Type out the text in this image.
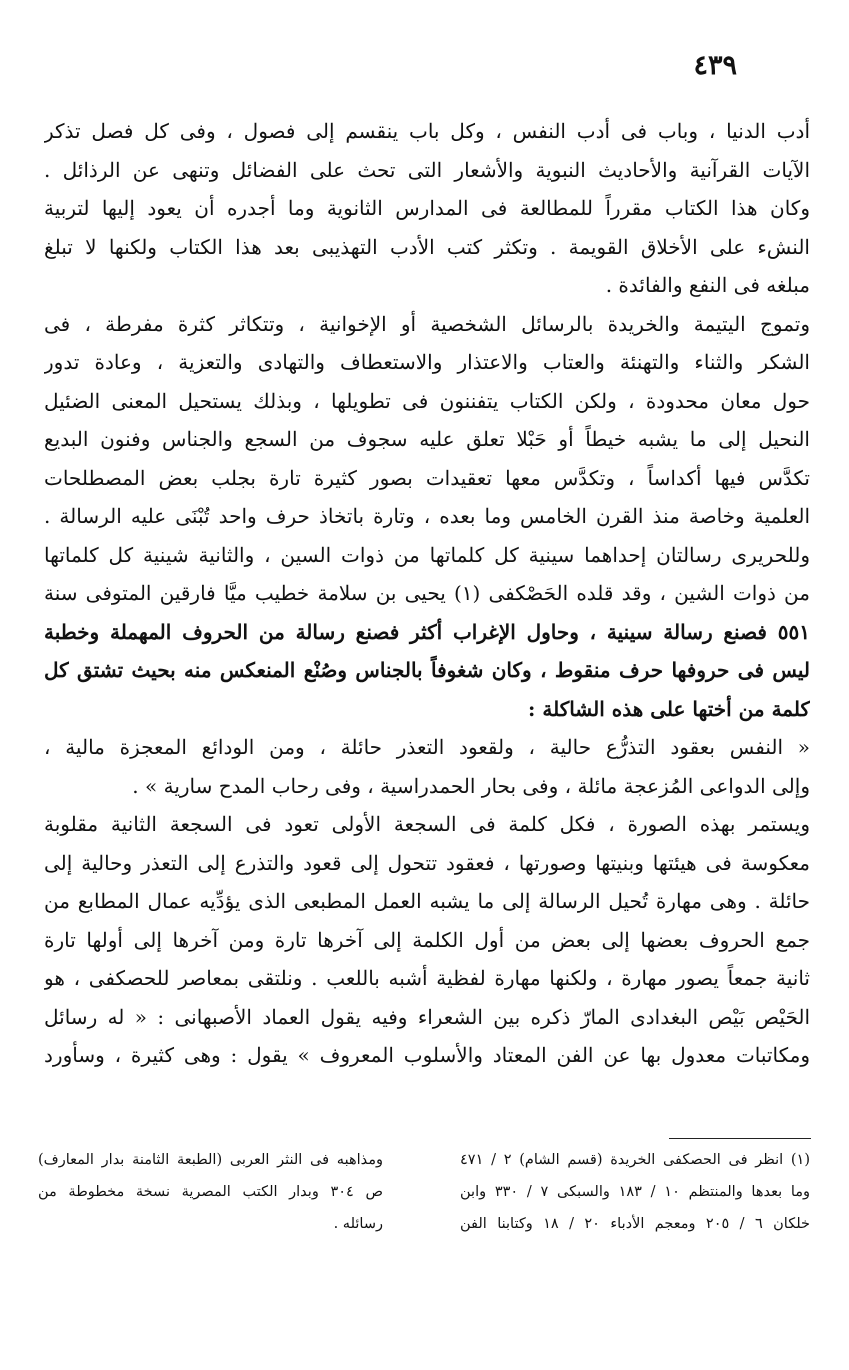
٤٣٩
أدب الدنيا ، وباب فى أدب النفس ، وكل باب ينقسم إلى فصول ، وفى كل فصل تذكر
الآيات القرآنية والأحاديث النبوية والأشعار التى تحث على الفضائل وتنهى عن الرذائل .
وكان هذا الكتاب مقرراً للمطالعة فى المدارس الثانوية وما أجدره أن يعود إليها لتربية
النشء على الأخلاق القويمة . وتكثر كتب الأدب التهذيبى بعد هذا الكتاب ولكنها لا تبلغ
مبلغه فى النفع والفائدة .
وتموج اليتيمة والخريدة بالرسائل الشخصية أو الإخوانية ، وتتكاثر كثرة مفرطة ، فى
الشكر والثناء والتهنئة والعتاب والاعتذار والاستعطاف والتهادى والتعزية ، وعادة تدور
حول معان محدودة ، ولكن الكتاب يتفننون فى تطويلها ، وبذلك يستحيل المعنى الضئيل
النحيل إلى ما يشبه خيطاً أو حَبْلا تعلق عليه سجوف من السجع والجناس وفنون البديع
تكدَّس فيها أكداساً ، وتكدَّس معها تعقيدات بصور كثيرة تارة بجلب بعض المصطلحات
العلمية وخاصة منذ القرن الخامس وما بعده ، وتارة باتخاذ حرف واحد تُبْنَى عليه الرسالة .
وللحريرى رسالتان إحداهما سينية كل كلماتها من ذوات السين ، والثانية شينية كل كلماتها
من ذوات الشين ، وقد قلده الحَصْكفى (١) يحيى بن سلامة خطيب ميَّا فارقين المتوفى سنة
٥٥١ فصنع رسالة سينية ، وحاول الإغراب أكثر فصنع رسالة من الحروف المهملة وخطبة
ليس فى حروفها حرف منقوط ، وكان شغوفاً بالجناس وصُنْع المنعكس منه بحيث تشتق كل
كلمة من أختها على هذه الشاكلة :
« النفس بعقود التذرُّع حالية ، ولقعود التعذر حائلة ، ومن الودائع المعجزة مالية ،
وإلى الدواعى المُزعجة مائلة ، وفى بحار الحمدراسية ، وفى رحاب المدح سارية » .
ويستمر بهذه الصورة ، فكل كلمة فى السجعة الأولى تعود فى السجعة الثانية مقلوبة
معكوسة فى هيئتها وبنيتها وصورتها ، فعقود تتحول إلى قعود والتذرع إلى التعذر وحالية إلى
حائلة . وهى مهارة تُحيل الرسالة إلى ما يشبه العمل المطبعى الذى يؤدِّيه عمال المطابع من
جمع الحروف بعضها إلى بعض من أول الكلمة إلى آخرها تارة ومن آخرها إلى أولها تارة
ثانية جمعاً يصور مهارة ، ولكنها مهارة لفظية أشبه باللعب . ونلتقى بمعاصر للحصكفى ، هو
الحَيْص بَيْص البغدادى المارّ ذكره بين الشعراء وفيه يقول العماد الأصبهانى : « له رسائل
ومكاتبات معدول بها عن الفن المعتاد والأسلوب المعروف » يقول : وهى كثيرة ، وسأورد
(١) انظر فى الحصكفى الخريدة (قسم الشام) ٢ / ٤٧١
وما بعدها والمنتظم ١٠ / ١٨٣ والسبكى ٧ / ٣٣٠ وابن
خلكان ٦ / ٢٠٥ ومعجم الأدباء ٢٠ / ١٨ وكتابنا الفن
ومذاهبه فى النثر العربى (الطبعة الثامنة بدار المعارف)
ص ٣٠٤ وبدار الكتب المصرية نسخة مخطوطة من
رسائله .
